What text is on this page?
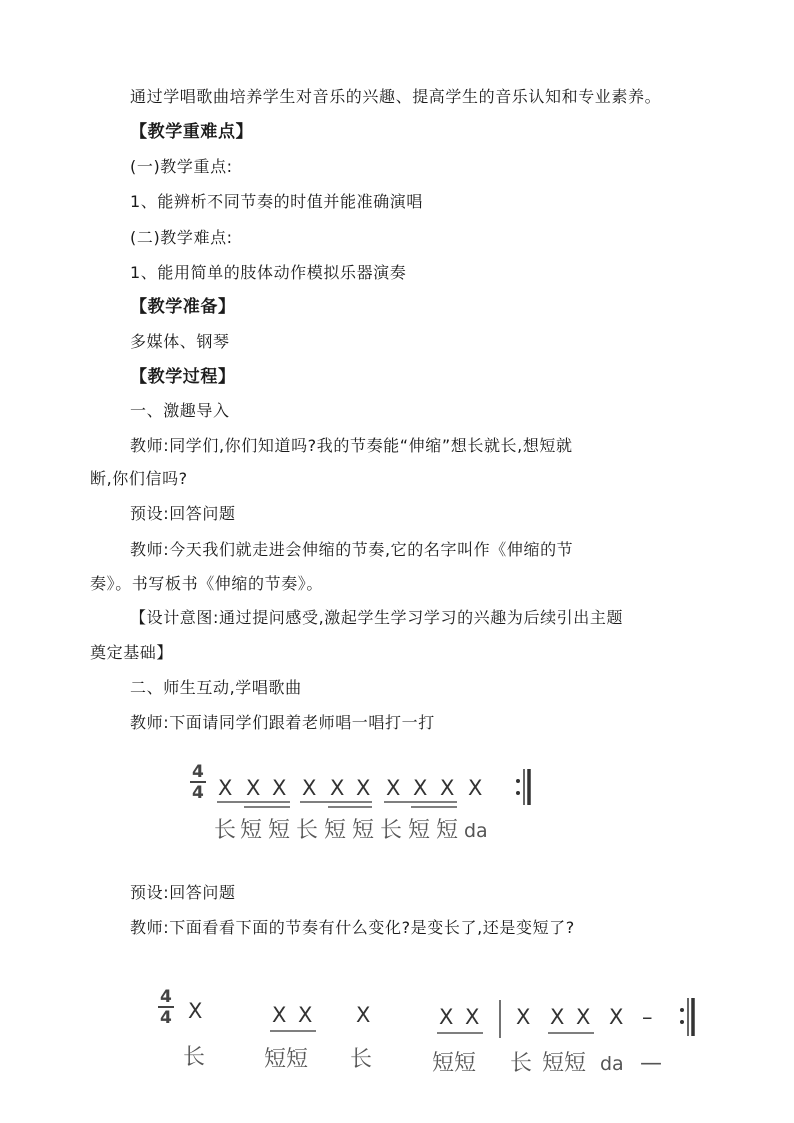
通过学唱歌曲培养学生对音乐的兴趣、提高学生的音乐认知和专业素养。
【教学重难点】
(一)教学重点:
1、能辨析不同节奏的时值并能准确演唱
(二)教学难点:
1、能用简单的肢体动作模拟乐器演奏
【教学准备】
多媒体、钢琴
【教学过程】
一、激趣导入
教师:同学们,你们知道吗?我的节奏能“伸缩”想长就长,想短就
断,你们信吗?
预设:回答问题
教师:今天我们就走进会伸缩的节奏,它的名字叫作《伸缩的节
奏》。书写板书《伸缩的节奏》。
【设计意图:通过提问感受,激起学生学习学习的兴趣为后续引出主题
奠定基础】
二、师生互动,学唱歌曲
教师:下面请同学们跟着老师唱一唱打一打
4
4 X X X X X X X X X X
长 短 短 长 短 短 长 短 短 da
预设:回答问题
教师:下面看看下面的节奏有什么变化?是变长了,还是变短了?
4
4 X	X X X	X X X X X X –
长	短短 长	短短 长 短短 da —
